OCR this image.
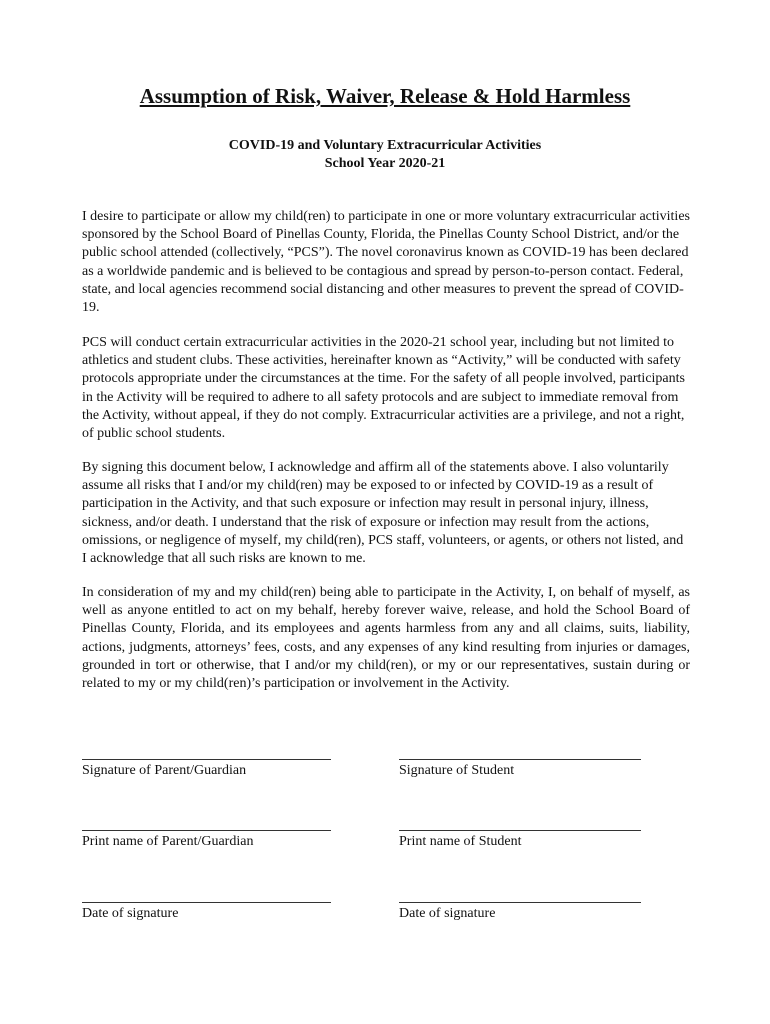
Assumption of Risk, Waiver, Release & Hold Harmless
COVID-19 and Voluntary Extracurricular Activities
School Year 2020-21

I desire to participate or allow my child(ren) to participate in one or more voluntary extracurricular activities sponsored by the School Board of Pinellas County, Florida, the Pinellas County School District, and/or the public school attended (collectively, “PCS”). The novel coronavirus known as COVID-19 has been declared as a worldwide pandemic and is believed to be contagious and spread by person-to-person contact. Federal, state, and local agencies recommend social distancing and other measures to prevent the spread of COVID-19.

PCS will conduct certain extracurricular activities in the 2020-21 school year, including but not limited to athletics and student clubs. These activities, hereinafter known as “Activity,” will be conducted with safety protocols appropriate under the circumstances at the time. For the safety of all people involved, participants in the Activity will be required to adhere to all safety protocols and are subject to immediate removal from the Activity, without appeal, if they do not comply. Extracurricular activities are a privilege, and not a right, of public school students.

By signing this document below, I acknowledge and affirm all of the statements above. I also voluntarily assume all risks that I and/or my child(ren) may be exposed to or infected by COVID-19 as a result of participation in the Activity, and that such exposure or infection may result in personal injury, illness, sickness, and/or death. I understand that the risk of exposure or infection may result from the actions, omissions, or negligence of myself, my child(ren), PCS staff, volunteers, or agents, or others not listed, and I acknowledge that all such risks are known to me.

In consideration of my and my child(ren) being able to participate in the Activity, I, on behalf of myself, as well as anyone entitled to act on my behalf, hereby forever waive, release, and hold the School Board of Pinellas County, Florida, and its employees and agents harmless from any and all claims, suits, liability, actions, judgments, attorneys’ fees, costs, and any expenses of any kind resulting from injuries or damages, grounded in tort or otherwise, that I and/or my child(ren), or my or our representatives, sustain during or related to my or my child(ren)’s participation or involvement in the Activity.

Signature of Parent/Guardian	Signature of Student
Print name of Parent/Guardian	Print name of Student
Date of signature	Date of signature
